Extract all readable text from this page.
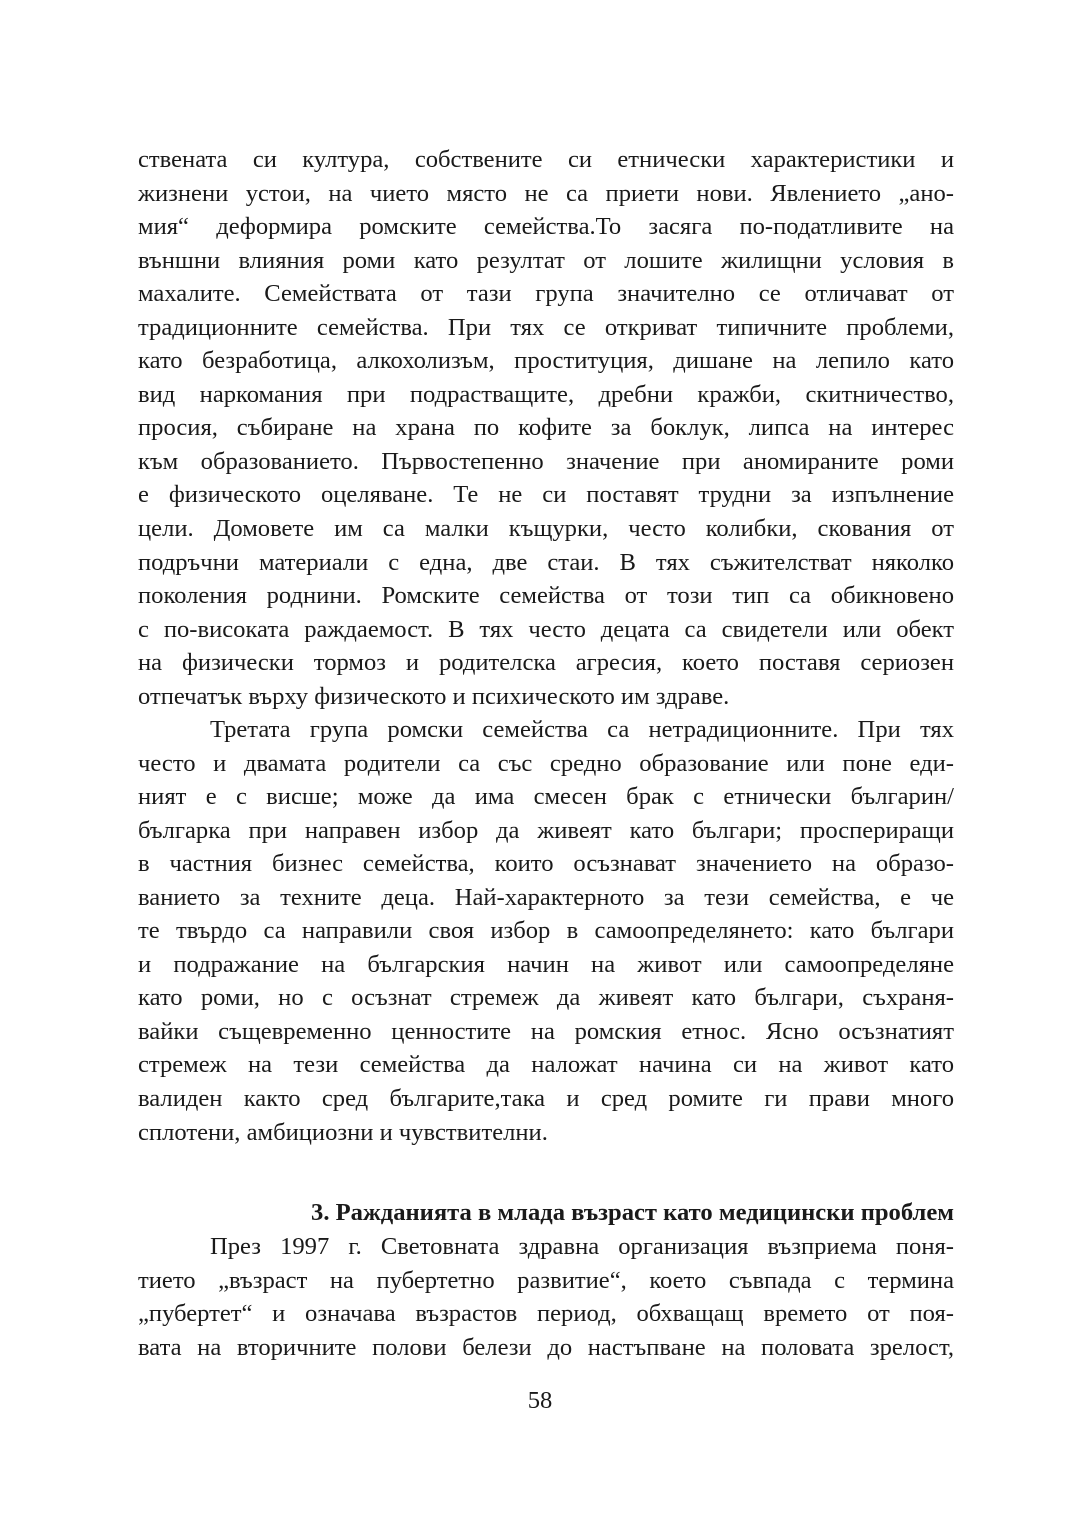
ствената си култура, собствените си етнически характеристики и
жизнени устои, на чието място не са приети нови. Явлението „ано-
мия“ деформира ромските семейства.То засяга по-податливите на
външни влияния роми като резултат от лошите жилищни условия в
махалите. Семействата от тази група значително се отличават от
традиционните семейства. При тях се откриват типичните проблеми,
като безработица, алкохолизъм, проституция, дишане на лепило като
вид наркомания при подрастващите, дребни кражби, скитничество,
просия, събиране на храна по кофите за боклук, липса на интерес
към образованието. Първостепенно значение при аномираните роми
е физическото оцеляване. Те не си поставят трудни за изпълнение
цели. Домовете им са малки къщурки, често колибки, скования от
подръчни материали с една, две стаи. В тях съжителстват няколко
поколения роднини. Ромските семейства от този тип са обикновено
с по-високата раждаемост. В тях често децата са свидетели или обект
на физически тормоз и родителска агресия, което поставя сериозен
отпечатък върху физическото и психическото им здраве.
Третата група ромски семейства са нетрадиционните. При тях
често и двамата родители са със средно образование или поне еди-
ният е с висше; може да има смесен брак с етнически българин/
българка при направен избор да живеят като българи; проспериращи
в частния бизнес семейства, които осъзнават значението на образо-
ванието за техните деца. Най-характерното за тези семейства, е че
те твърдо са направили своя избор в самоопределянето: като българи
и подражание на българския начин на живот или самоопределяне
като роми, но с осъзнат стремеж да живеят като българи, съхраня-
вайки същевременно ценностите на ромския етнос. Ясно осъзнатият
стремеж на тези семейства да наложат начина си на живот като
валиден както сред българите,така и сред ромите ги прави много
сплотени, амбициозни и чувствителни.
3. Ражданията в млада възраст като медицински проблем
През 1997 г. Световната здравна организация възприема поня-
тието „възраст на пубертетно развитие“, което съвпада с термина
„пубертет“ и означава възрастов период, обхващащ времето от поя-
вата на вторичните полови белези до настъпване на половата зрелост,
58
